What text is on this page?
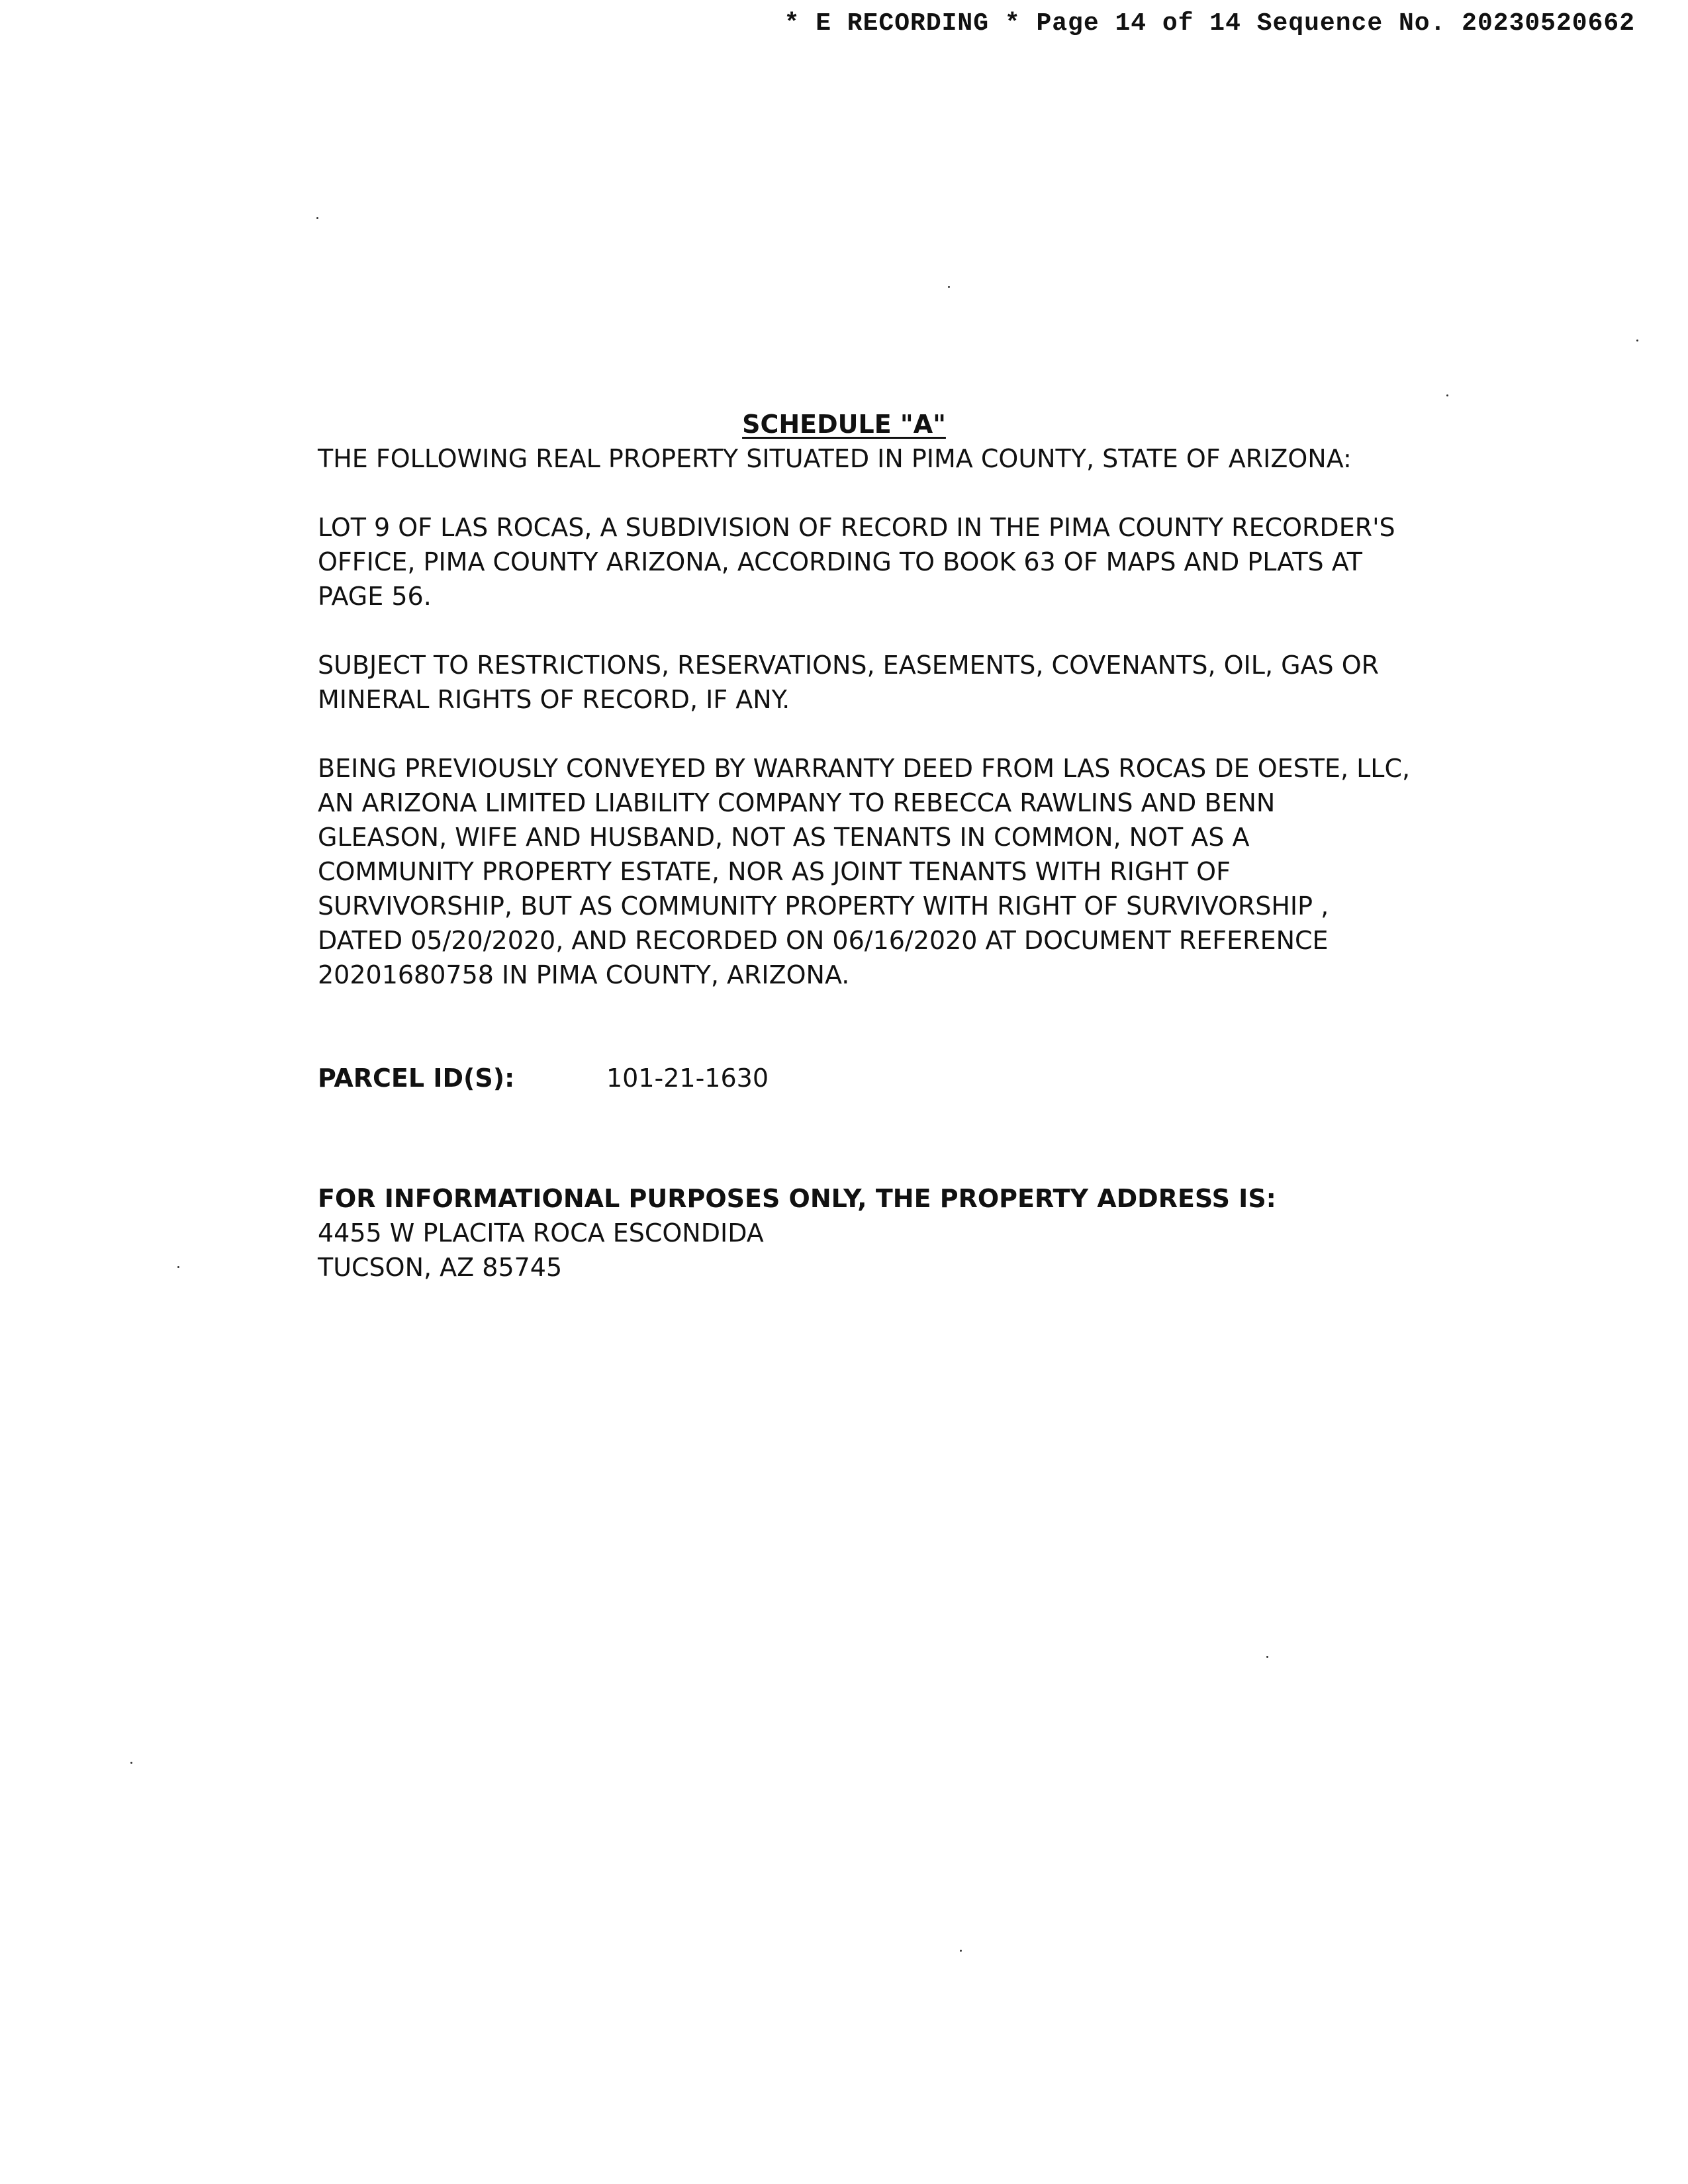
* E RECORDING * Page 14 of 14 Sequence No. 20230520662
SCHEDULE "A"
THE FOLLOWING REAL PROPERTY SITUATED IN PIMA COUNTY, STATE OF ARIZONA:
LOT 9 OF LAS ROCAS, A SUBDIVISION OF RECORD IN THE PIMA COUNTY RECORDER'S
OFFICE, PIMA COUNTY ARIZONA, ACCORDING TO BOOK 63 OF MAPS AND PLATS AT
PAGE 56.
SUBJECT TO RESTRICTIONS, RESERVATIONS, EASEMENTS, COVENANTS, OIL, GAS OR
MINERAL RIGHTS OF RECORD, IF ANY.
BEING PREVIOUSLY CONVEYED BY WARRANTY DEED FROM LAS ROCAS DE OESTE, LLC,
AN ARIZONA LIMITED LIABILITY COMPANY TO REBECCA RAWLINS AND BENN
GLEASON, WIFE AND HUSBAND, NOT AS TENANTS IN COMMON, NOT AS A
COMMUNITY PROPERTY ESTATE, NOR AS JOINT TENANTS WITH RIGHT OF
SURVIVORSHIP, BUT AS COMMUNITY PROPERTY WITH RIGHT OF SURVIVORSHIP ,
DATED 05/20/2020, AND RECORDED ON 06/16/2020 AT DOCUMENT REFERENCE
20201680758 IN PIMA COUNTY, ARIZONA.
PARCEL ID(S):	101-21-1630
FOR INFORMATIONAL PURPOSES ONLY, THE PROPERTY ADDRESS IS:
4455 W PLACITA ROCA ESCONDIDA
TUCSON, AZ 85745
